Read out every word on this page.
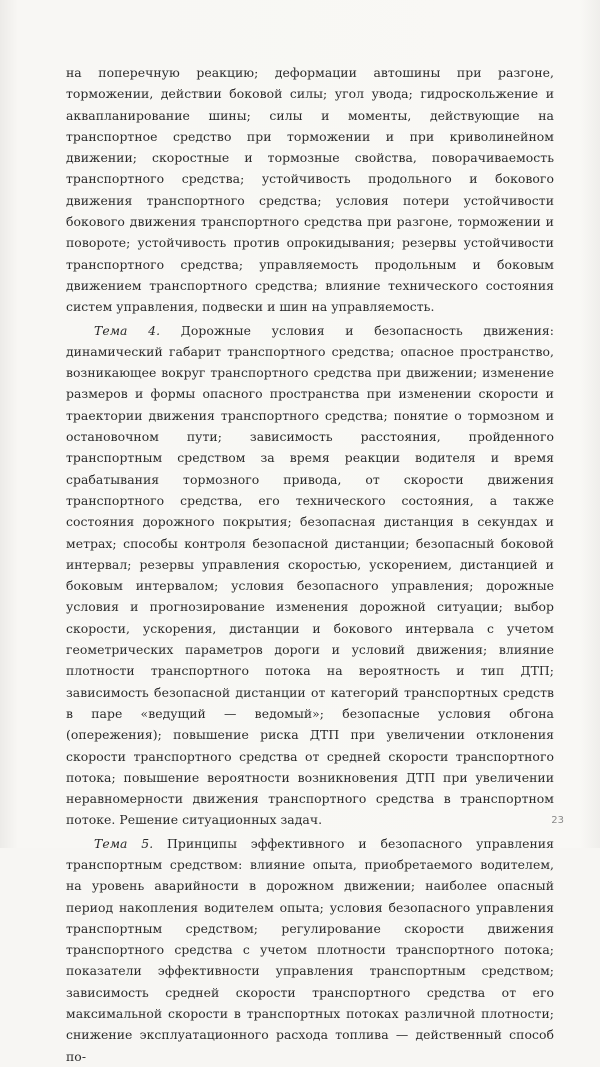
на поперечную реакцию; деформации автошины при разгоне, торможении, действии боковой силы; угол увода; гидроскольжение и аквапланирование шины; силы и моменты, действующие на транспортное средство при торможении и при криволинейном движении; скоростные и тормозные свойства, поворачиваемость транспортного средства; устойчивость продольного и бокового движения транспортного средства; условия потери устойчивости бокового движения транспортного средства при разгоне, торможении и повороте; устойчивость против опрокидывания; резервы устойчивости транспортного средства; управляемость продольным и боковым движением транспортного средства; влияние технического состояния систем управления, подвески и шин на управляемость.

Тема 4. Дорожные условия и безопасность движения: динамический габарит транспортного средства; опасное пространство, возникающее вокруг транспортного средства при движении; изменение размеров и формы опасного пространства при изменении скорости и траектории движения транспортного средства; понятие о тормозном и остановочном пути; зависимость расстояния, пройденного транспортным средством за время реакции водителя и время срабатывания тормозного привода, от скорости движения транспортного средства, его технического состояния, а также состояния дорожного покрытия; безопасная дистанция в секундах и метрах; способы контроля безопасной дистанции; безопасный боковой интервал; резервы управления скоростью, ускорением, дистанцией и боковым интервалом; условия безопасного управления; дорожные условия и прогнозирование изменения дорожной ситуации; выбор скорости, ускорения, дистанции и бокового интервала с учетом геометрических параметров дороги и условий движения; влияние плотности транспортного потока на вероятность и тип ДТП; зависимость безопасной дистанции от категорий транспортных средств в паре «ведущий — ведомый»; безопасные условия обгона (опережения); повышение риска ДТП при увеличении отклонения скорости транспортного средства от средней скорости транспортного потока; повышение вероятности возникновения ДТП при увеличении неравномерности движения транспортного средства в транспортном потоке. Решение ситуационных задач.

Тема 5. Принципы эффективного и безопасного управления транспортным средством: влияние опыта, приобретаемого водителем, на уровень аварийности в дорожном движении; наиболее опасный период накопления водителем опыта; условия безопасного управления транспортным средством; регулирование скорости движения транспортного средства с учетом плотности транспортного потока; показатели эффективности управления транспортным средством; зависимость средней скорости транспортного средства от его максимальной скорости в транспортных потоках различной плотности; снижение эксплуатационного расхода топлива — действенный способ по-

23
